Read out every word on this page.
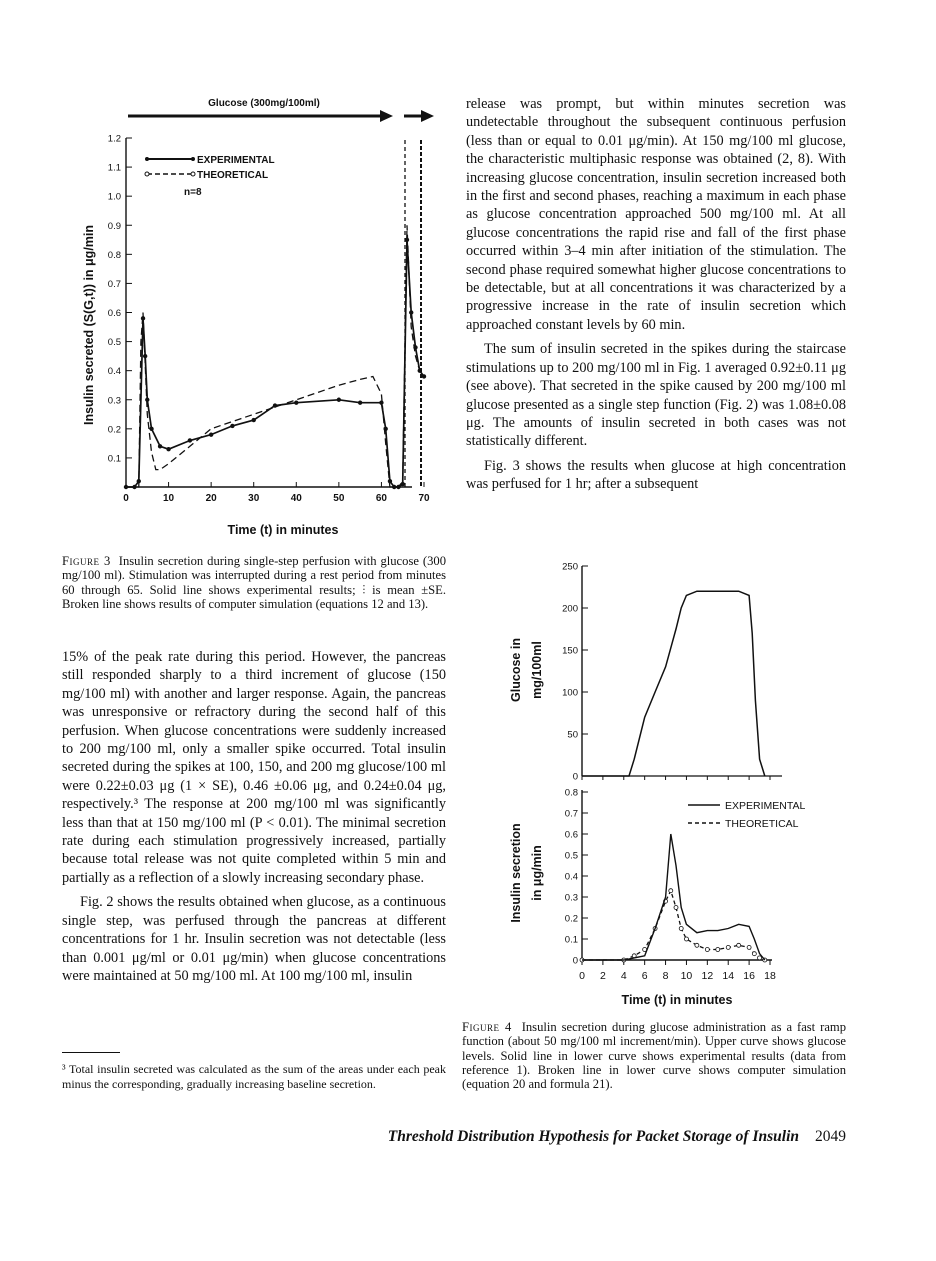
0.1
0.2
0.3
0.4
0.5
0.6
0.7
0.8
0.9
1.0
1.1
1.2
0	10	20	30	40	50	60	70
Glucose (300mg/100ml)
EXPERIMENTAL
THEORETICAL
n=8
Insulin secreted (S(G,t)) in μg/min
Time (t) in minutes
0
50
100
150
200
250
0
0.1
0.2
0.3
0.4
0.5
0.6
0.7
0.8
0 2 4 6 8 10 12 14 16 18
Glucose in mg/100ml
Insulin secretion in μg/min
EXPERIMENTAL
THEORETICAL
Time (t) in minutes
Figure 3 Insulin secretion during single-step perfusion with glucose (300 mg/100 ml). Stimulation was interrupted during a rest period from minutes 60 through 65. Solid line shows experimental results; ⫶ is mean ±SE. Broken line shows results of computer simulation (equations 12 and 13).
Figure 4 Insulin secretion during glucose administration as a fast ramp function (about 50 mg/100 ml increment/min). Upper curve shows glucose levels. Solid line in lower curve shows experimental results (data from reference 1). Broken line in lower curve shows computer simulation (equation 20 and formula 21).

15% of the peak rate during this period. However, the pancreas still responded sharply to a third increment of glucose (150 mg/100 ml) with another and larger response. Again, the pancreas was unresponsive or refractory during the second half of this perfusion. When glucose concentrations were suddenly increased to 200 mg/100 ml, only a smaller spike occurred. Total insulin secreted during the spikes at 100, 150, and 200 mg glucose/100 ml were 0.22±0.03 μg (1 × SE), 0.46 ±0.06 μg, and 0.24±0.04 μg, respectively.³ The response at 200 mg/100 ml was significantly less than that at 150 mg/100 ml (P < 0.01). The minimal secretion rate during each stimulation progressively increased, partially because total release was not quite completed within 5 min and partially as a reflection of a slowly increasing secondary phase.

Fig. 2 shows the results obtained when glucose, as a continuous single step, was perfused through the pancreas at different concentrations for 1 hr. Insulin secretion was not detectable (less than 0.001 μg/ml or 0.01 μg/min) when glucose concentrations were maintained at 50 mg/100 ml. At 100 mg/100 ml, insulin

³ Total insulin secreted was calculated as the sum of the areas under each peak minus the corresponding, gradually increasing baseline secretion.

release was prompt, but within minutes secretion was undetectable throughout the subsequent continuous perfusion (less than or equal to 0.01 μg/min). At 150 mg/100 ml glucose, the characteristic multiphasic response was obtained (2, 8). With increasing glucose concentration, insulin secretion increased both in the first and second phases, reaching a maximum in each phase as glucose concentration approached 500 mg/100 ml. At all glucose concentrations the rapid rise and fall of the first phase occurred within 3–4 min after initiation of the stimulation. The second phase required somewhat higher glucose concentrations to be detectable, but at all concentrations it was characterized by a progressive increase in the rate of insulin secretion which approached constant levels by 60 min.

The sum of insulin secreted in the spikes during the staircase stimulations up to 200 mg/100 ml in Fig. 1 averaged 0.92±0.11 μg (see above). That secreted in the spike caused by 200 mg/100 ml glucose presented as a single step function (Fig. 2) was 1.08±0.08 μg. The amounts of insulin secreted in both cases was not statistically different.

Fig. 3 shows the results when glucose at high concentration was perfused for 1 hr; after a subsequent

Threshold Distribution Hypothesis for Packet Storage of Insulin 2049
